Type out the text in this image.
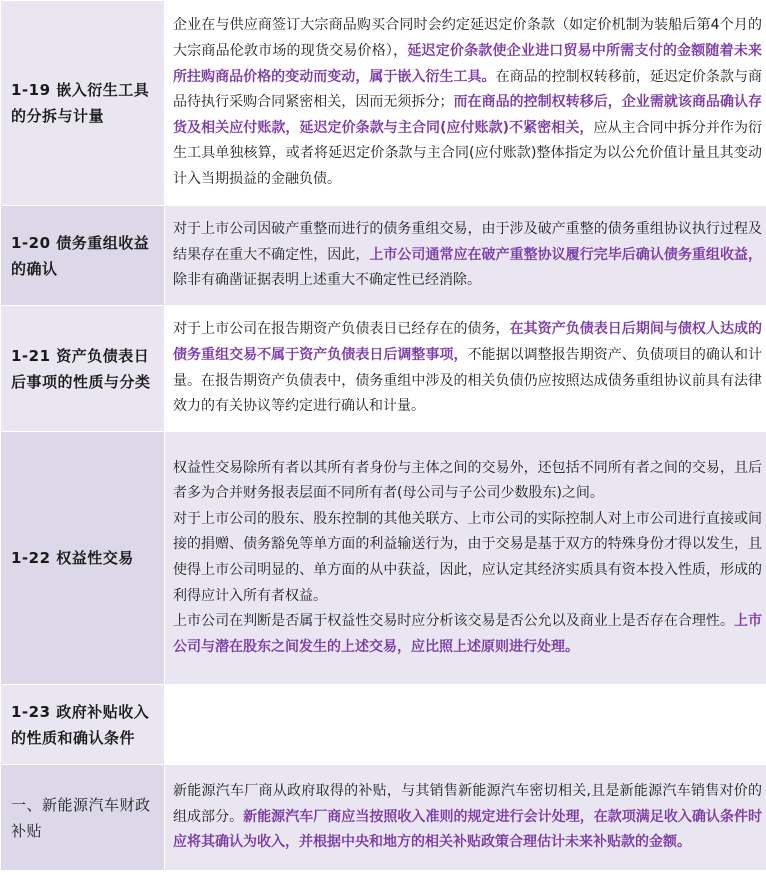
1-19 嵌入衍生工具的分拆与计量	企业在与供应商签订大宗商品购买合同时会约定延迟定价条款（如定价机制为装船后第4个月的大宗商品伦敦市场的现货交易价格），延迟定价条款使企业进口贸易中所需支付的金额随着未来所拄购商品价格的变动而变动，属于嵌入衍生工具。在商品的控制权转移前，延迟定价条款与商品待执行采购合同紧密相关，因而无须拆分；而在商品的控制权转移后，企业需就该商品确认存货及相关应付账款，延迟定价条款与主合同(应付账款)不紧密相关，应从主合同中拆分并作为衍生工具单独核算，或者将延迟定价条款与主合同(应付账款)整体指定为以公允价值计量且其变动计入当期损益的金融负债。

1-20 债务重组收益的确认	对于上市公司因破产重整而进行的债务重组交易，由于涉及破产重整的债务重组协议执行过程及结果存在重大不确定性，因此，上市公司通常应在破产重整协议履行完毕后确认债务重组收益，除非有确凿证据表明上述重大不确定性已经消除。

1-21 资产负债表日后事项的性质与分类	对于上市公司在报告期资产负债表日已经存在的债务，在其资产负债表日后期间与债权人达成的债务重组交易不属于资产负债表日后调整事项，不能据以调整报告期资产、负债项目的确认和计量。在报告期资产负债表中，债务重组中涉及的相关负债仍应按照达成债务重组协议前具有法律效力的有关协议等约定进行确认和计量。

1-22 权益性交易	权益性交易除所有者以其所有者身份与主体之间的交易外，还包括不同所有者之间的交易，且后者多为合并财务报表层面不同所有者(母公司与子公司少数股东)之间。

对于上市公司的股东、股东控制的其他关联方、上市公司的实际控制人对上市公司进行直接或间接的捐赠、债务豁免等单方面的利益输送行为，由于交易是基于双方的特殊身份才得以发生，且使得上市公司明显的、单方面的从中获益，因此，应认定其经济实质具有资本投入性质，形成的利得应计入所有者权益。

上市公司在判断是否属于权益性交易时应分析该交易是否公允以及商业上是否存在合理性。上市公司与潜在股东之间发生的上述交易，应比照上述原则进行处理。

1-23 政府补贴收入的性质和确认条件	

一、新能源汽车财政补贴	新能源汽车厂商从政府取得的补贴，与其销售新能源汽车密切相关,且是新能源汽车销售对价的组成部分。新能源汽车厂商应当按照收入准则的规定进行会计处理，在款项满足收入确认条件时应将其确认为收入，并根据中央和地方的相关补贴政策合理估计未来补贴款的金额。
